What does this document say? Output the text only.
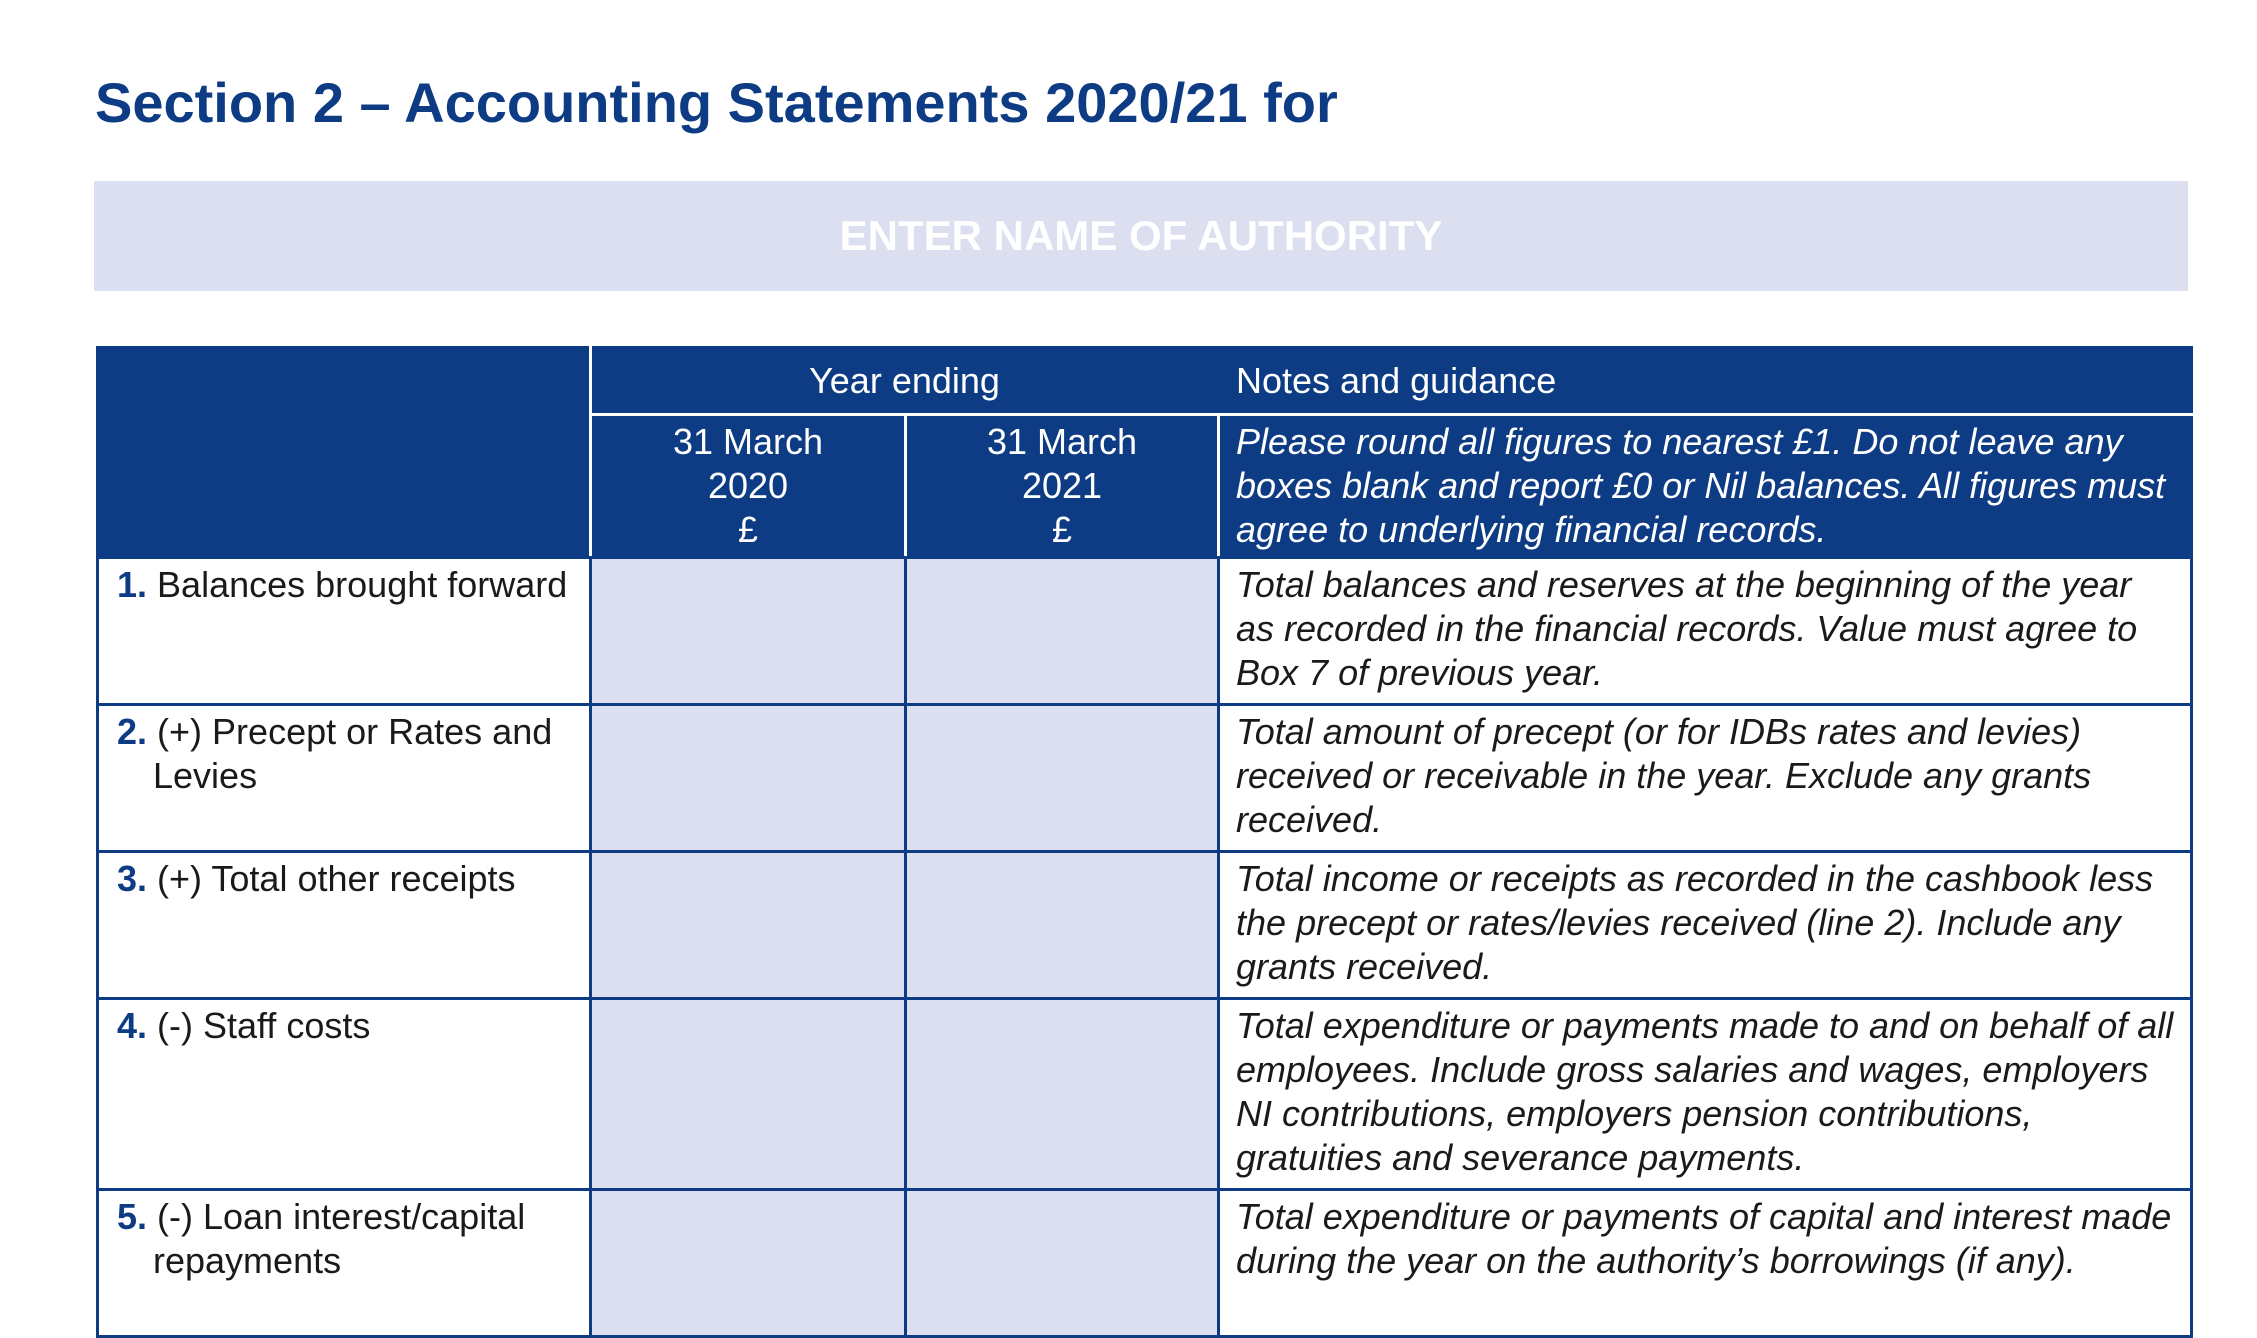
Section 2 – Accounting Statements 2020/21 for
ENTER NAME OF AUTHORITY
	Year ending		Notes and guidance

	31 March
2020
£	31 March
2021
£	Please round all figures to nearest £1. Do not leave any boxes blank and report £0 or Nil balances. All figures must agree to underlying financial records.

1. Balances brought forward			Total balances and reserves at the beginning of the year as recorded in the financial records. Value must agree to Box 7 of previous year.

2. (+) Precept or Rates and Levies			Total amount of precept (or for IDBs rates and levies) received or receivable in the year. Exclude any grants received.

3. (+) Total other receipts			Total income or receipts as recorded in the cashbook less the precept or rates/levies received (line 2). Include any grants received.

4. (-) Staff costs			Total expenditure or payments made to and on behalf of all employees. Include gross salaries and wages, employers NI contributions, employers pension contributions, gratuities and severance payments.

5. (-) Loan interest/capital repayments			Total expenditure or payments of capital and interest made during the year on the authority’s borrowings (if any).
